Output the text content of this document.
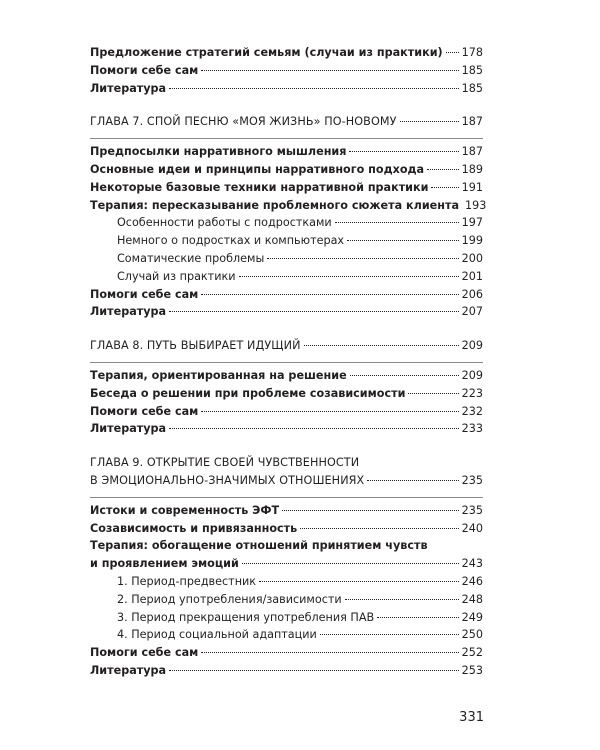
Предложение стратегий семьям (случаи из практики) 178
Помоги себе сам	185
Литература	185
ГЛАВА 7. СПОЙ ПЕСНЮ «МОЯ ЖИЗНЬ» ПО-НОВОМУ	187
Предпосылки нарративного мышления	187
Основные идеи и принципы нарративного подхода	189
Некоторые базовые техники нарративной практики	191
Терапия: пересказывание проблемного сюжета клиента 193
Особенности работы с подростками	197
Немного о подростках и компьютерах	199
Соматические проблемы	200
Случай из практики	201
Помоги себе сам	206
Литература	207
ГЛАВА 8. ПУТЬ ВЫБИРАЕТ ИДУЩИЙ	209
Терапия, ориентированная на решение	209
Беседа о решении при проблеме созависимости	223
Помоги себе сам	232
Литература	233
ГЛАВА 9. ОТКРЫТИЕ СВОЕЙ ЧУВСТВЕННОСТИ
В ЭМОЦИОНАЛЬНО-ЗНАЧИМЫХ ОТНОШЕНИЯХ	235
Истоки и современность ЭФТ	235
Созависимость и привязанность	240
Терапия: обогащение отношений принятием чувств
и проявлением эмоций	243
1. Период-предвестник	246
2. Период употребления/зависимости	248
3. Период прекращения употребления ПАВ	249
4. Период социальной адаптации	250
Помоги себе сам	252
Литература	253
331
